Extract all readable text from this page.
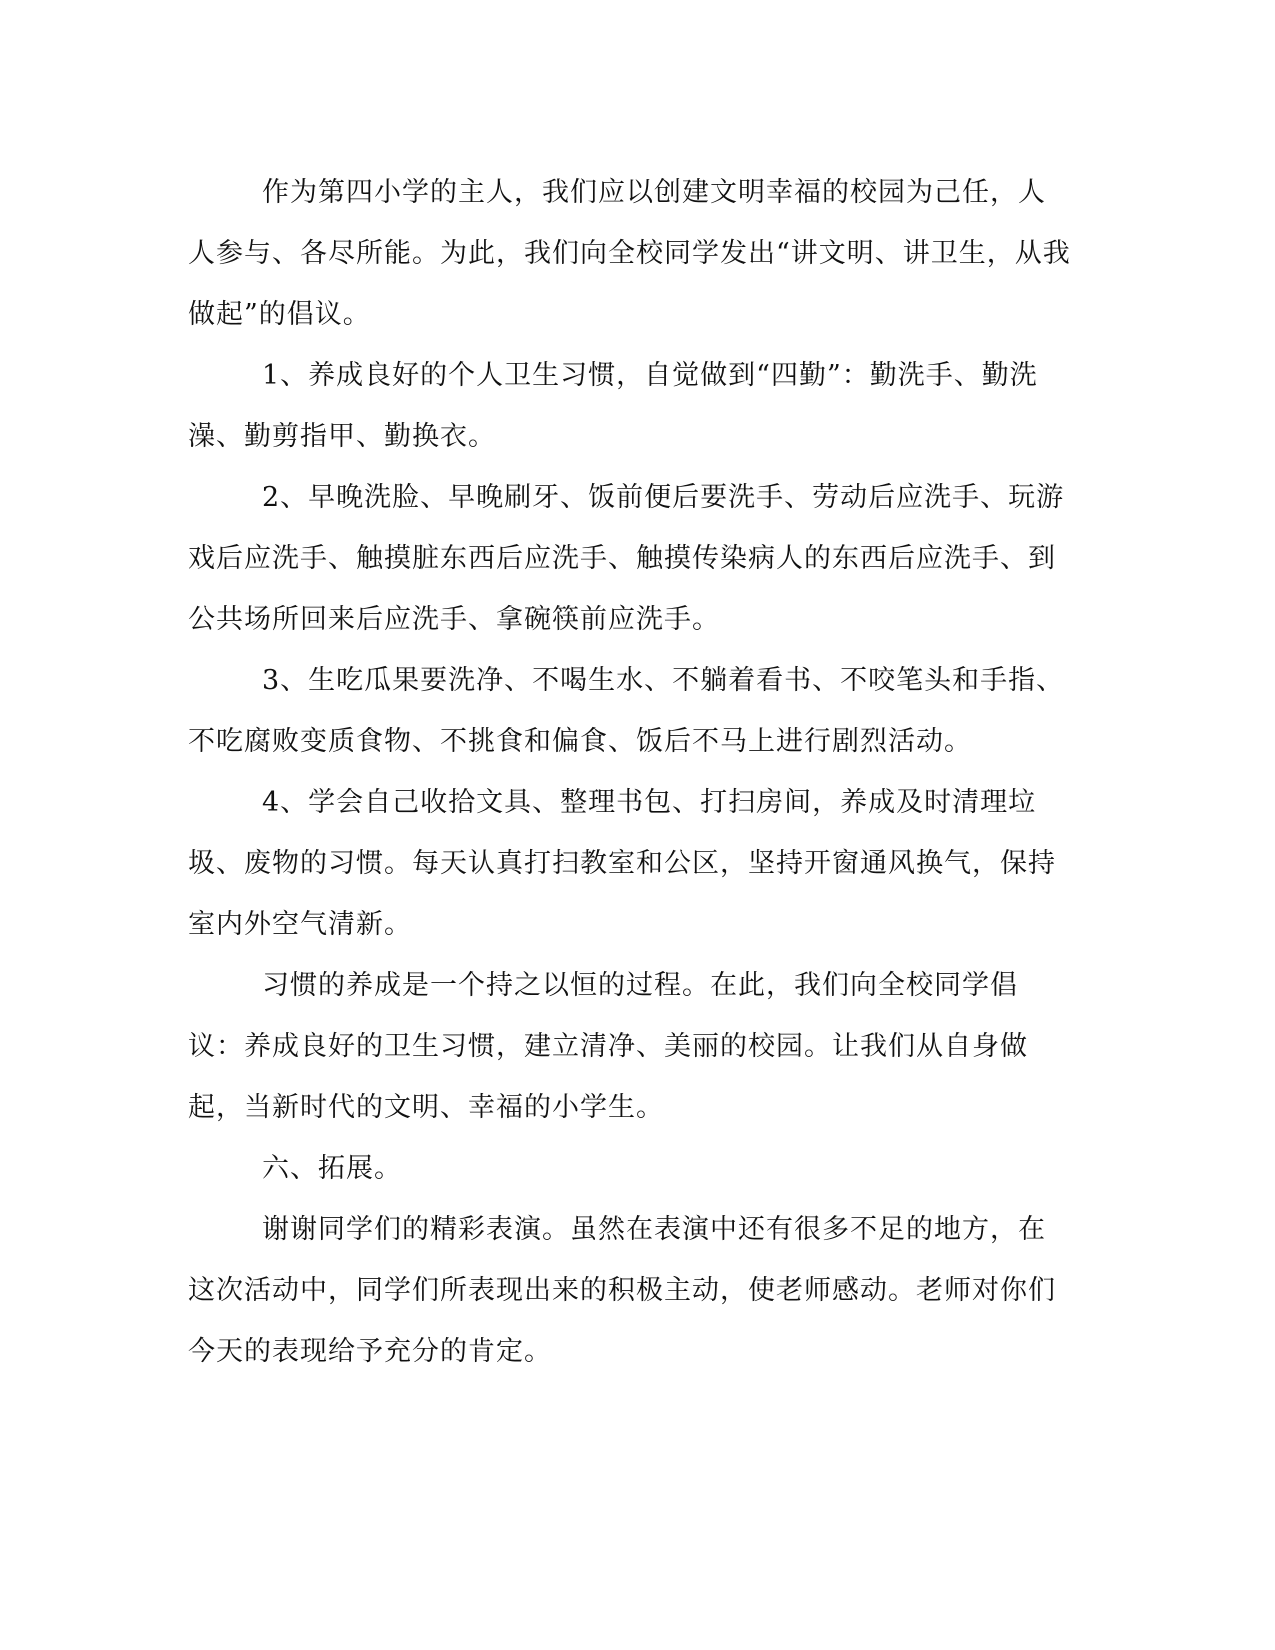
作为第四小学的主人，我们应以创建文明幸福的校园为己任，人人参与、各尽所能。为此，我们向全校同学发出“讲文明、讲卫生，从我做起”的倡议。

1、养成良好的个人卫生习惯，自觉做到“四勤”：勤洗手、勤洗澡、勤剪指甲、勤换衣。

2、早晚洗脸、早晚刷牙、饭前便后要洗手、劳动后应洗手、玩游戏后应洗手、触摸脏东西后应洗手、触摸传染病人的东西后应洗手、到公共场所回来后应洗手、拿碗筷前应洗手。

3、生吃瓜果要洗净、不喝生水、不躺着看书、不咬笔头和手指、不吃腐败变质食物、不挑食和偏食、饭后不马上进行剧烈活动。

4、学会自己收拾文具、整理书包、打扫房间，养成及时清理垃圾、废物的习惯。每天认真打扫教室和公区，坚持开窗通风换气，保持室内外空气清新。

习惯的养成是一个持之以恒的过程。在此，我们向全校同学倡议：养成良好的卫生习惯，建立清净、美丽的校园。让我们从自身做起，当新时代的文明、幸福的小学生。

六、拓展。

谢谢同学们的精彩表演。虽然在表演中还有很多不足的地方，在这次活动中，同学们所表现出来的积极主动，使老师感动。老师对你们今天的表现给予充分的肯定。
